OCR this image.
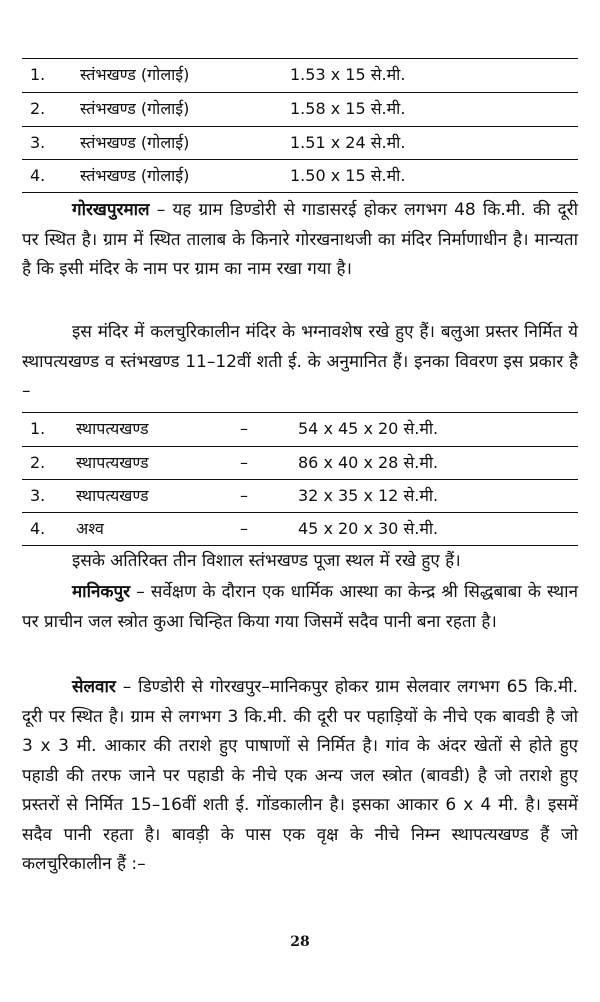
1. स्तंभखण्ड (गोलाई)	1.53 x 15 से.मी.
2. स्तंभखण्ड (गोलाई)	1.58 x 15 से.मी.
3. स्तंभखण्ड (गोलाई)	1.51 x 24 से.मी.
4. स्तंभखण्ड (गोलाई)	1.50 x 15 से.मी.

गोरखपुरमाल – यह ग्राम डिण्डोरी से गाडासरई होकर लगभग 48 कि.मी. की दूरी पर स्थित है। ग्राम में स्थित तालाब के किनारे गोरखनाथजी का मंदिर निर्माणाधीन है। मान्यता है कि इसी मंदिर के नाम पर ग्राम का नाम रखा गया है।

इस मंदिर में कलचुरिकालीन मंदिर के भग्नावशेष रखे हुए हैं। बलुआ प्रस्तर निर्मित ये स्थापत्यखण्ड व स्तंभखण्ड 11–12वीं शती ई. के अनुमानित हैं। इनका विवरण इस प्रकार है –

1. स्थापत्यखण्ड	–	54 x 45 x 20 से.मी.
2. स्थापत्यखण्ड	–	86 x 40 x 28 से.मी.
3. स्थापत्यखण्ड	–	32 x 35 x 12 से.मी.
4. अश्व	–	45 x 20 x 30 से.मी.

इसके अतिरिक्त तीन विशाल स्तंभखण्ड पूजा स्थल में रखे हुए हैं।

मानिकपुर – सर्वेक्षण के दौरान एक धार्मिक आस्था का केन्द्र श्री सिद्धबाबा के स्थान पर प्राचीन जल स्त्रोत कुआ चिन्हित किया गया जिसमें सदैव पानी बना रहता है।

सेलवार – डिण्डोरी से गोरखपुर–मानिकपुर होकर ग्राम सेलवार लगभग 65 कि.मी. दूरी पर स्थित है। ग्राम से लगभग 3 कि.मी. की दूरी पर पहाड़ियों के नीचे एक बावडी है जो 3 x 3 मी. आकार की तराशे हुए पाषाणों से निर्मित है। गांव के अंदर खेतों से होते हुए पहाडी की तरफ जाने पर पहाडी के नीचे एक अन्य जल स्त्रोत (बावडी) है जो तराशे हुए प्रस्तरों से निर्मित 15–16वीं शती ई. गोंडकालीन है। इसका आकार 6 x 4 मी. है। इसमें सदैव पानी रहता है। बावड़ी के पास एक वृक्ष के नीचे निम्न स्थापत्यखण्ड हैं जो कलचुरिकालीन हैं :–

28
